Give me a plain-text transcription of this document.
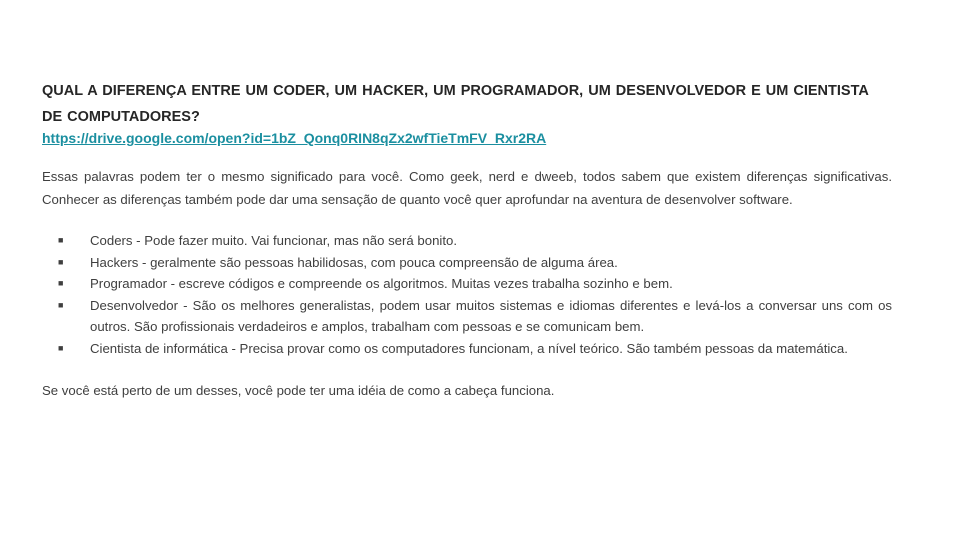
QUAL A DIFERENÇA ENTRE UM CODER, UM HACKER, UM PROGRAMADOR, UM DESENVOLVEDOR E UM CIENTISTA DE COMPUTADORES?
https://drive.google.com/open?id=1bZ_Qonq0RIN8qZx2wfTieTmFV_Rxr2RA

Essas palavras podem ter o mesmo significado para você. Como geek, nerd e dweeb, todos sabem que existem diferenças significativas. Conhecer as diferenças também pode dar uma sensação de quanto você quer aprofundar na aventura de desenvolver software.

■ Coders - Pode fazer muito. Vai funcionar, mas não será bonito.
■ Hackers - geralmente são pessoas habilidosas, com pouca compreensão de alguma área.
■ Programador - escreve códigos e compreende os algoritmos. Muitas vezes trabalha sozinho e bem.
■ Desenvolvedor - São os melhores generalistas, podem usar muitos sistemas e idiomas diferentes e levá-los a conversar uns com os outros. São profissionais verdadeiros e amplos, trabalham com pessoas e se comunicam bem.
■ Cientista de informática - Precisa provar como os computadores funcionam, a nível teórico. São também pessoas da matemática.

Se você está perto de um desses, você pode ter uma idéia de como a cabeça funciona.
